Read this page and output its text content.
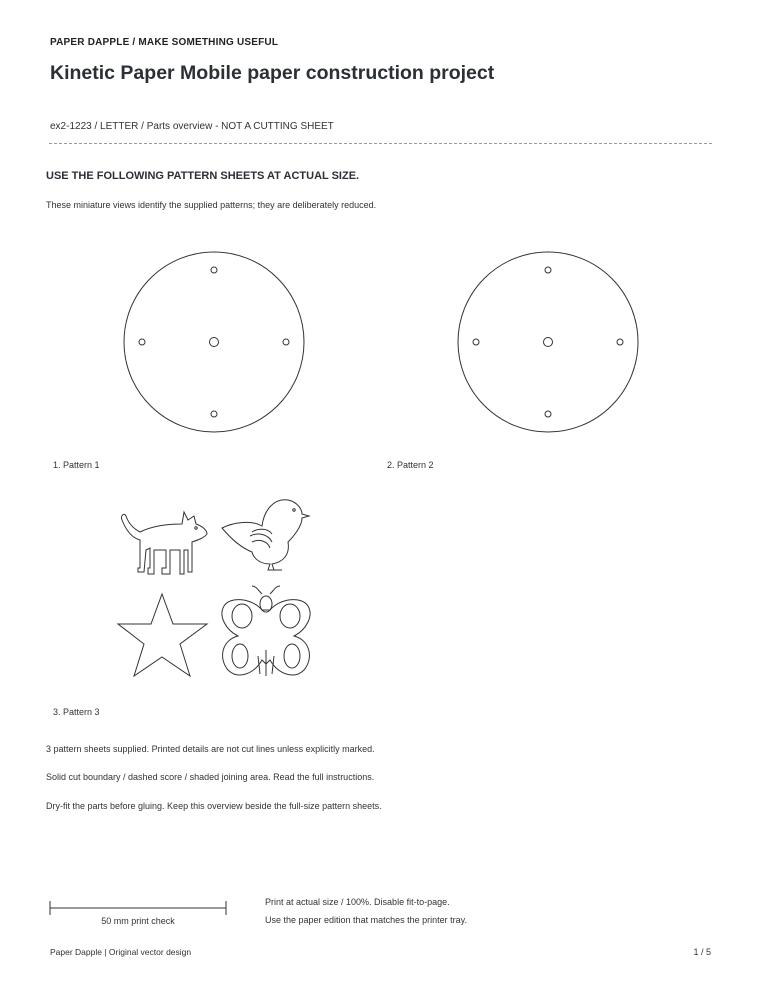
PAPER DAPPLE / MAKE SOMETHING USEFUL
Kinetic Paper Mobile paper construction project
ex2-1223 / LETTER / Parts overview - NOT A CUTTING SHEET
USE THE FOLLOWING PATTERN SHEETS AT ACTUAL SIZE.
These miniature views identify the supplied patterns; they are deliberately reduced.
1. Pattern 1	2. Pattern 2
3. Pattern 3
3 pattern sheets supplied. Printed details are not cut lines unless explicitly marked.
Solid cut boundary / dashed score / shaded joining area. Read the full instructions.
Dry-fit the parts before gluing. Keep this overview beside the full-size pattern sheets.
50 mm print check
Print at actual size / 100%. Disable fit-to-page.
Use the paper edition that matches the printer tray.
Paper Dapple | Original vector design	1 / 5
